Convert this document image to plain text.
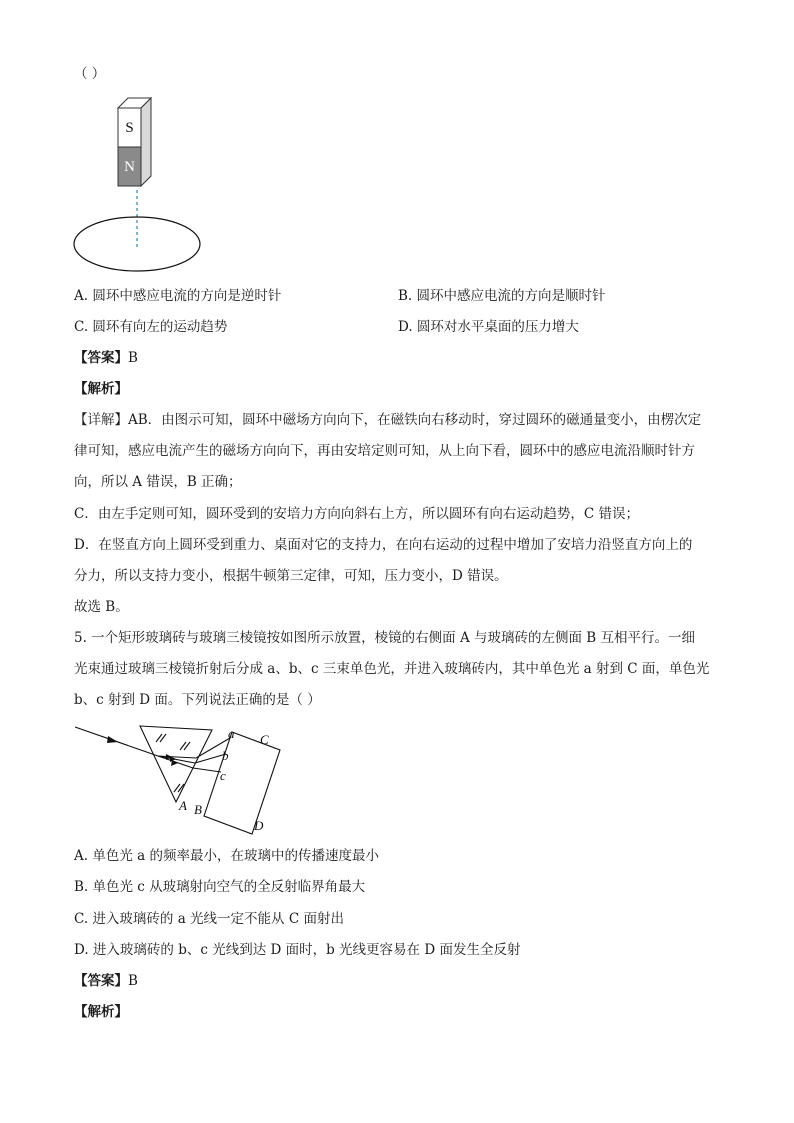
（ ）
S
N
A. 圆环中感应电流的方向是逆时针	B. 圆环中感应电流的方向是顺时针
C. 圆环有向左的运动趋势	D. 圆环对水平桌面的压力增大
【答案】B
【解析】
【详解】AB．由图示可知，圆环中磁场方向向下，在磁铁向右移动时，穿过圆环的磁通量变小，由楞次定
律可知，感应电流产生的磁场方向向下，再由安培定则可知，从上向下看，圆环中的感应电流沿顺时针方
向，所以 A 错误，B 正确；
C．由左手定则可知，圆环受到的安培力方向向斜右上方，所以圆环有向右运动趋势，C 错误；
D．在竖直方向上圆环受到重力、桌面对它的支持力，在向右运动的过程中增加了安培力沿竖直方向上的
分力，所以支持力变小，根据牛顿第三定律，可知，压力变小，D 错误。
故选 B。
5. 一个矩形玻璃砖与玻璃三棱镜按如图所示放置，棱镜的右侧面 A 与玻璃砖的左侧面 B 互相平行。一细
光束通过玻璃三棱镜折射后分成 a、b、c 三束单色光，并进入玻璃砖内，其中单色光 a 射到 C 面，单色光
b、c 射到 D 面。下列说法正确的是（ ）
a
b
c
A B
C
D
A. 单色光 a 的频率最小，在玻璃中的传播速度最小
B. 单色光 c 从玻璃射向空气的全反射临界角最大
C. 进入玻璃砖的 a 光线一定不能从 C 面射出
D. 进入玻璃砖的 b、c 光线到达 D 面时，b 光线更容易在 D 面发生全反射
【答案】B
【解析】
